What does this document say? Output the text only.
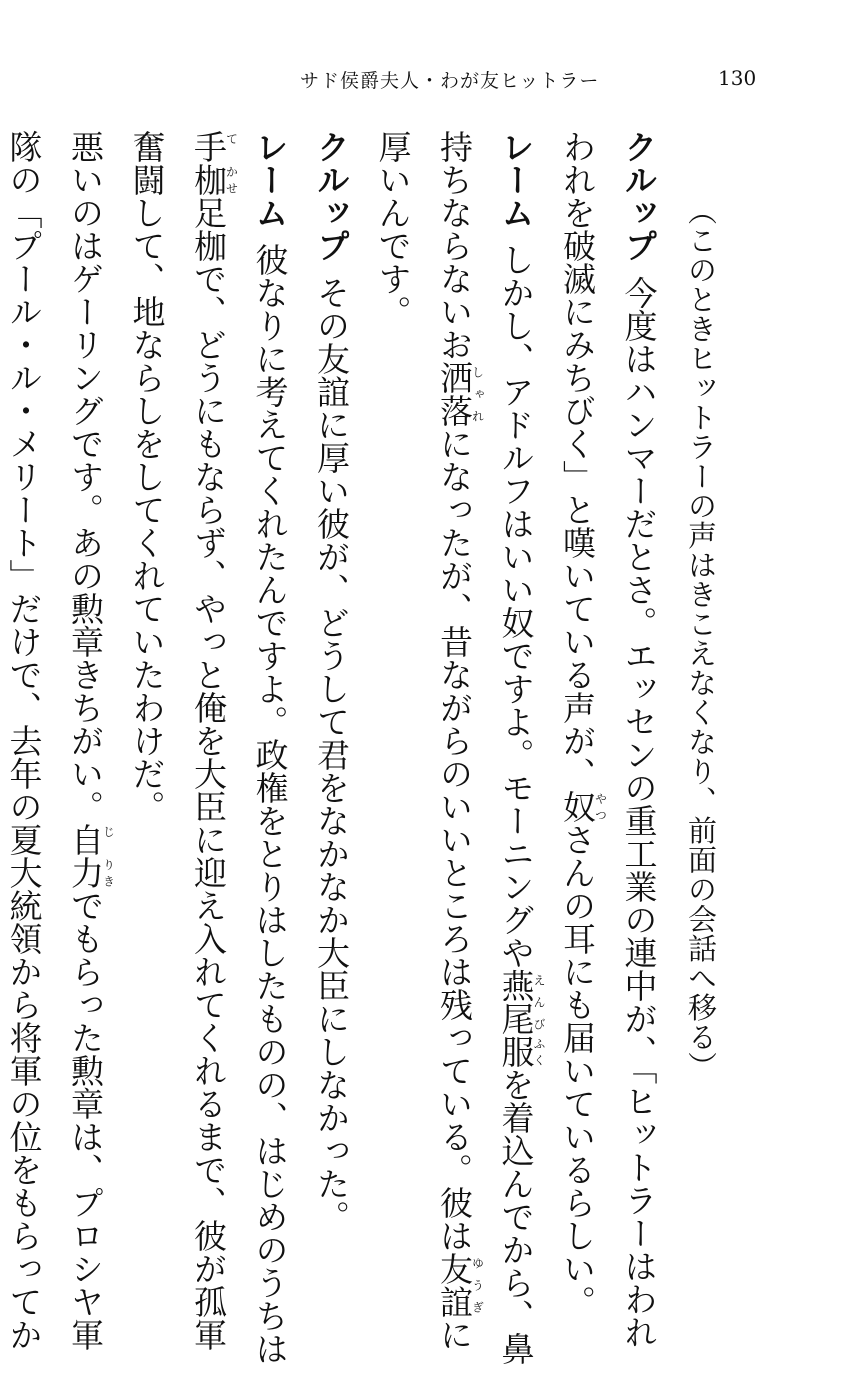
サド侯爵夫人・わが友ヒットラー	130
（このときヒットラーの声はきこえなくなり、前面の会話へ移る）
クルップ今度はハンマーだとさ。エッセンの重工業の連中が、「ヒットラーはわれ
われを破滅にみちびく」と嘆いている声が、奴やつさんの耳にも届いているらしい。
レームしかし、アドルフはいい奴ですよ。モーニングや燕尾えんび服ふくを着込んでから、鼻
持ちならないお洒落しゃれになったが、昔ながらのいいところは残っている。彼は友誼ゆうぎに
厚いんです。
クルップその友誼に厚い彼が、どうして君をなかなか大臣にしなかった。
レーム彼なりに考えてくれたんですよ。政権をとりはしたものの、はじめのうちは
手枷て　かせ足枷で、どうにもならず、やっと俺を大臣に迎え入れてくれるまで、彼が孤軍
奮闘して、地ならしをしてくれていたわけだ。
悪いのはゲーリングです。あの勲章きちがい。自力じ　りきでもらった勲章は、プロシヤ軍
隊の「プール・ル・メリート」だけで、去年の夏大統領から将軍の位をもらってか
